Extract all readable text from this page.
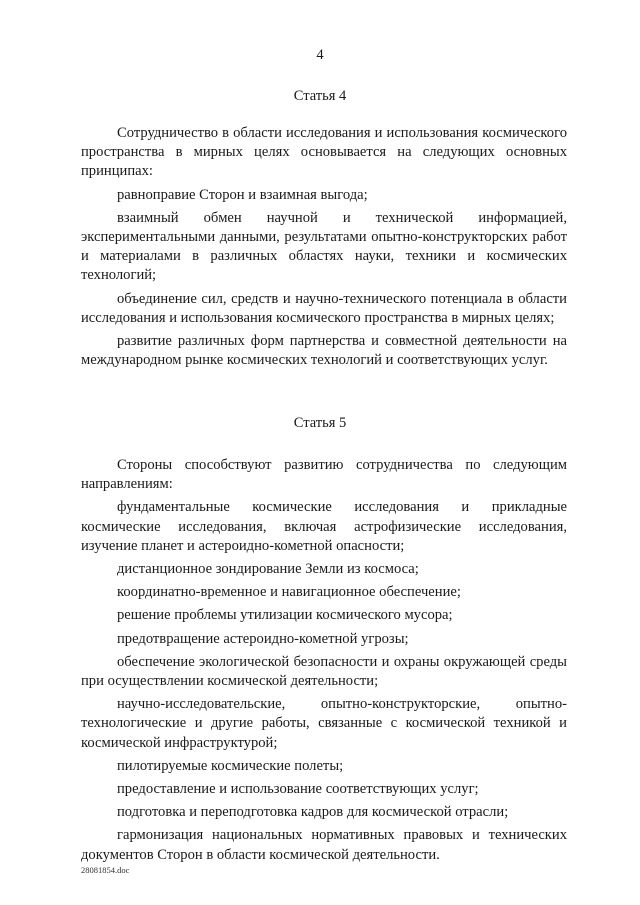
4
Статья 4

Сотрудничество в области исследования и использования космического пространства в мирных целях основывается на следующих основных принципах:

равноправие Сторон и взаимная выгода;

взаимный обмен научной и технической информацией, экспериментальными данными, результатами опытно-конструкторских работ и материалами в различных областях науки, техники и космических технологий;

объединение сил, средств и научно-технического потенциала в области исследования и использования космического пространства в мирных целях;

развитие различных форм партнерства и совместной деятельности на международном рынке космических технологий и соответствующих услуг.

Статья 5

Стороны способствуют развитию сотрудничества по следующим направлениям:

фундаментальные космические исследования и прикладные космические исследования, включая астрофизические исследования, изучение планет и астероидно-кометной опасности;

дистанционное зондирование Земли из космоса;

координатно-временное и навигационное обеспечение;

решение проблемы утилизации космического мусора;

предотвращение астероидно-кометной угрозы;

обеспечение экологической безопасности и охраны окружающей среды при осуществлении космической деятельности;

научно-исследовательские, опытно-конструкторские, опытно-технологические и другие работы, связанные с космической техникой и космической инфраструктурой;

пилотируемые космические полеты;

предоставление и использование соответствующих услуг;

подготовка и переподготовка кадров для космической отрасли;

гармонизация национальных нормативных правовых и технических документов Сторон в области космической деятельности.

28081854.doc
